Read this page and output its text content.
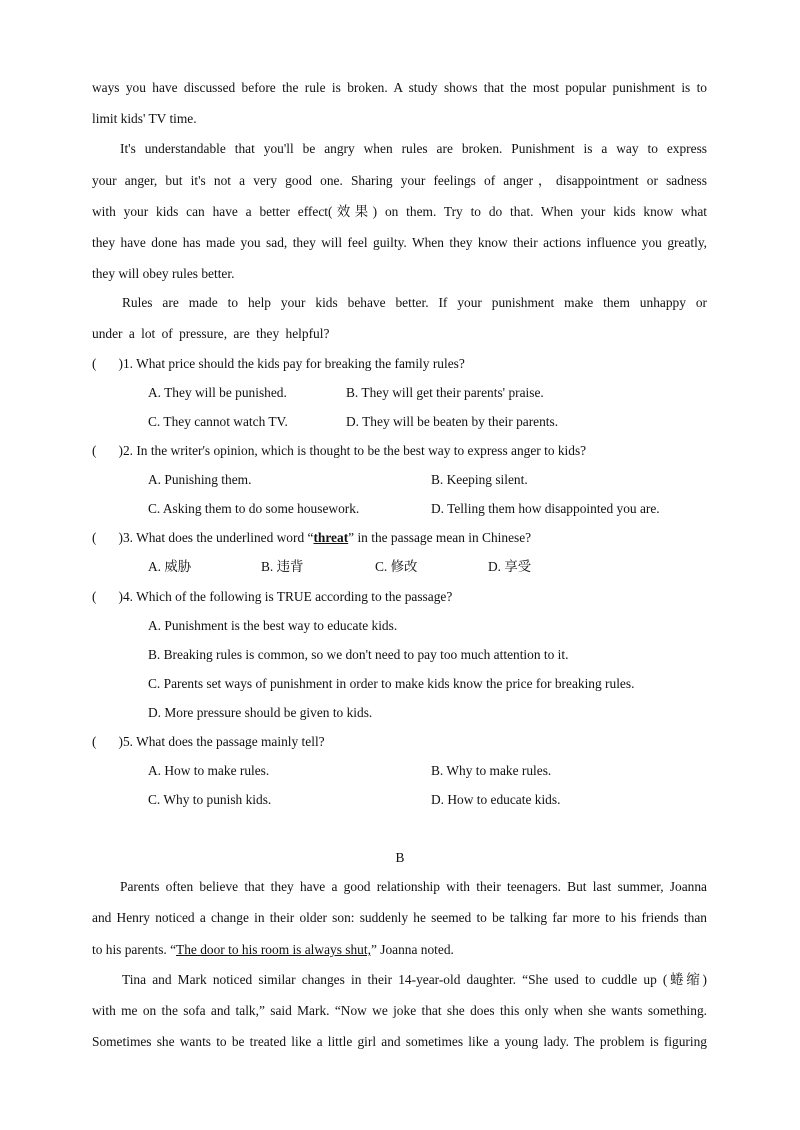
ways you have discussed before the rule is broken. A study shows that the most popular punishment is to
limit kids' TV time.
It's understandable that you'll be angry when rules are broken. Punishment is a way to express
your anger, but it's not a very good one. Sharing your feelings of anger，disappointment or sadness
with your kids can have a better effect(效果) on them. Try to do that. When your kids know what
they have done has made you sad, they will feel guilty. When they know their actions influence you greatly,
they will obey rules better.
Rules are made to help your kids behave better. If your punishment make them unhappy or
under a lot of pressure, are they helpful?
( )1. What price should the kids pay for breaking the family rules?
A. They will be punished.	B. They will get their parents' praise.
C. They cannot watch TV.	D. They will be beaten by their parents.
( )2. In the writer's opinion, which is thought to be the best way to express anger to kids?
A. Punishing them.	B. Keeping silent.
C. Asking them to do some housework.	D. Telling them how disappointed you are.
( )3. What does the underlined word “threat” in the passage mean in Chinese?
A. 威胁	B. 违背	C. 修改	D. 享受
( )4. Which of the following is TRUE according to the passage?
A. Punishment is the best way to educate kids.
B. Breaking rules is common, so we don't need to pay too much attention to it.
C. Parents set ways of punishment in order to make kids know the price for breaking rules.
D. More pressure should be given to kids.
( )5. What does the passage mainly tell?
A. How to make rules.	B. Why to make rules.
C. Why to punish kids.	D. How to educate kids.
B
Parents often believe that they have a good relationship with their teenagers. But last summer, Joanna
and Henry noticed a change in their older son: suddenly he seemed to be talking far more to his friends than
to his parents. “The door to his room is always shut,” Joanna noted.
Tina and Mark noticed similar changes in their 14-year-old daughter. “She used to cuddle up (蜷缩)
with me on the sofa and talk,” said Mark. “Now we joke that she does this only when she wants something.
Sometimes she wants to be treated like a little girl and sometimes like a young lady. The problem is figuring
